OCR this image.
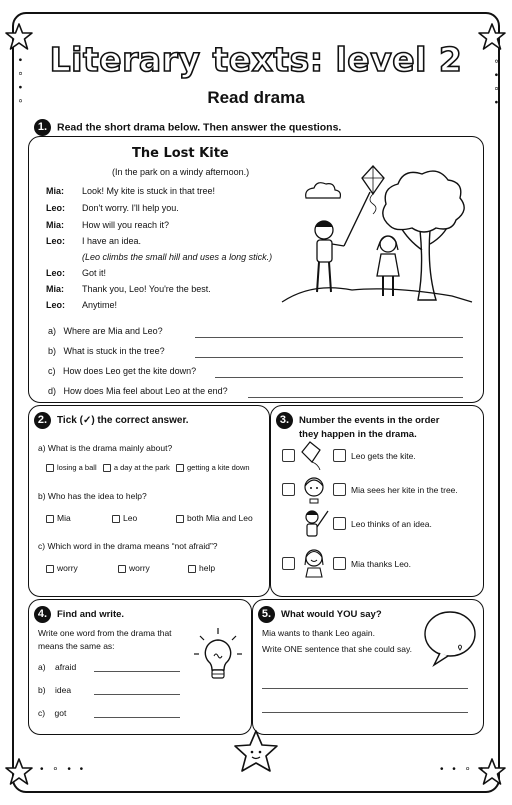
• ∘ • ∘	∘ • ∘ •
• ∘ • •	• • ∘ •
Literary texts: level 2
Read drama
1. Read the short drama below. Then answer the questions.
The Lost Kite
(In the park on a windy afternoon.)
Mia: Look! My kite is stuck in that tree!
Leo: Don't worry. I'll help you.
Mia: How will you reach it?
Leo: I have an idea.
(Leo climbs the small hill and uses a long stick.)
Leo: Got it!
Mia: Thank you, Leo! You're the best.
Leo: Anytime!
a) Where are Mia and Leo?
b) What is stuck in the tree?
c) How does Leo get the kite down?
d) How does Mia feel about Leo at the end?
2. Tick (✓) the correct answer.
a) What is the drama mainly about?
losing a ball a day at the park getting a kite down
b) Who has the idea to help?
Mia	Leo	both Mia and Leo
c) Which word in the drama means “not afraid”?
worry	worry	help
3. Number the events in the order
they happen in the drama.
Leo gets the kite.
Mia sees her kite in the tree.
Leo thinks of an idea.
Mia thanks Leo.
4. Find and write.
Write one word from the drama that
means the same as:
a) afraid
b) idea
c) got
5. What would YOU say?
Mia wants to thank Leo again.
Write ONE sentence that she could say.
